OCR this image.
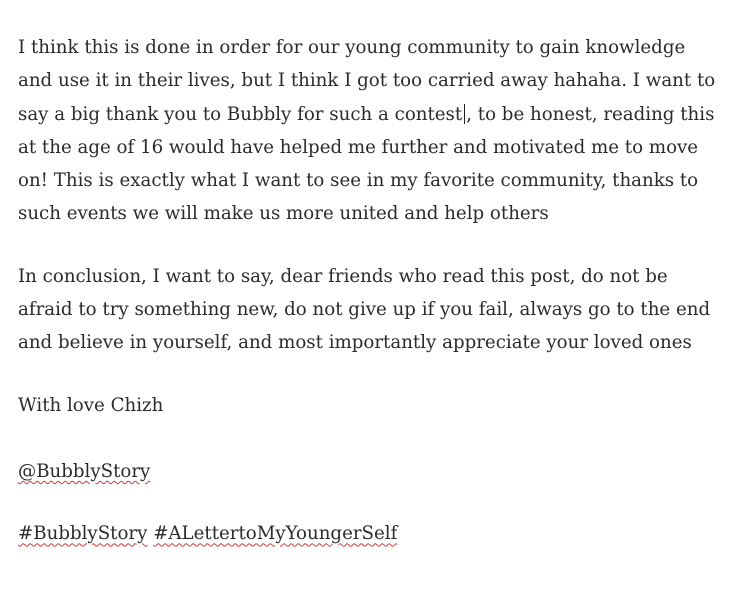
I think this is done in order for our young community to gain knowledge and use it in their lives, but I think I got too carried away hahaha. I want to say a big thank you to Bubbly for such a contest , to be honest, reading this at the age of 16 would have helped me further and motivated me to move on! This is exactly what I want to see in my favorite community, thanks to such events we will make us more united and help others

In conclusion, I want to say, dear friends who read this post, do not be afraid to try something new, do not give up if you fail, always go to the end and believe in yourself, and most importantly appreciate your loved ones

With love Chizh

@BubblyStory

#BubblyStory #ALettertoMyYoungerSelf
